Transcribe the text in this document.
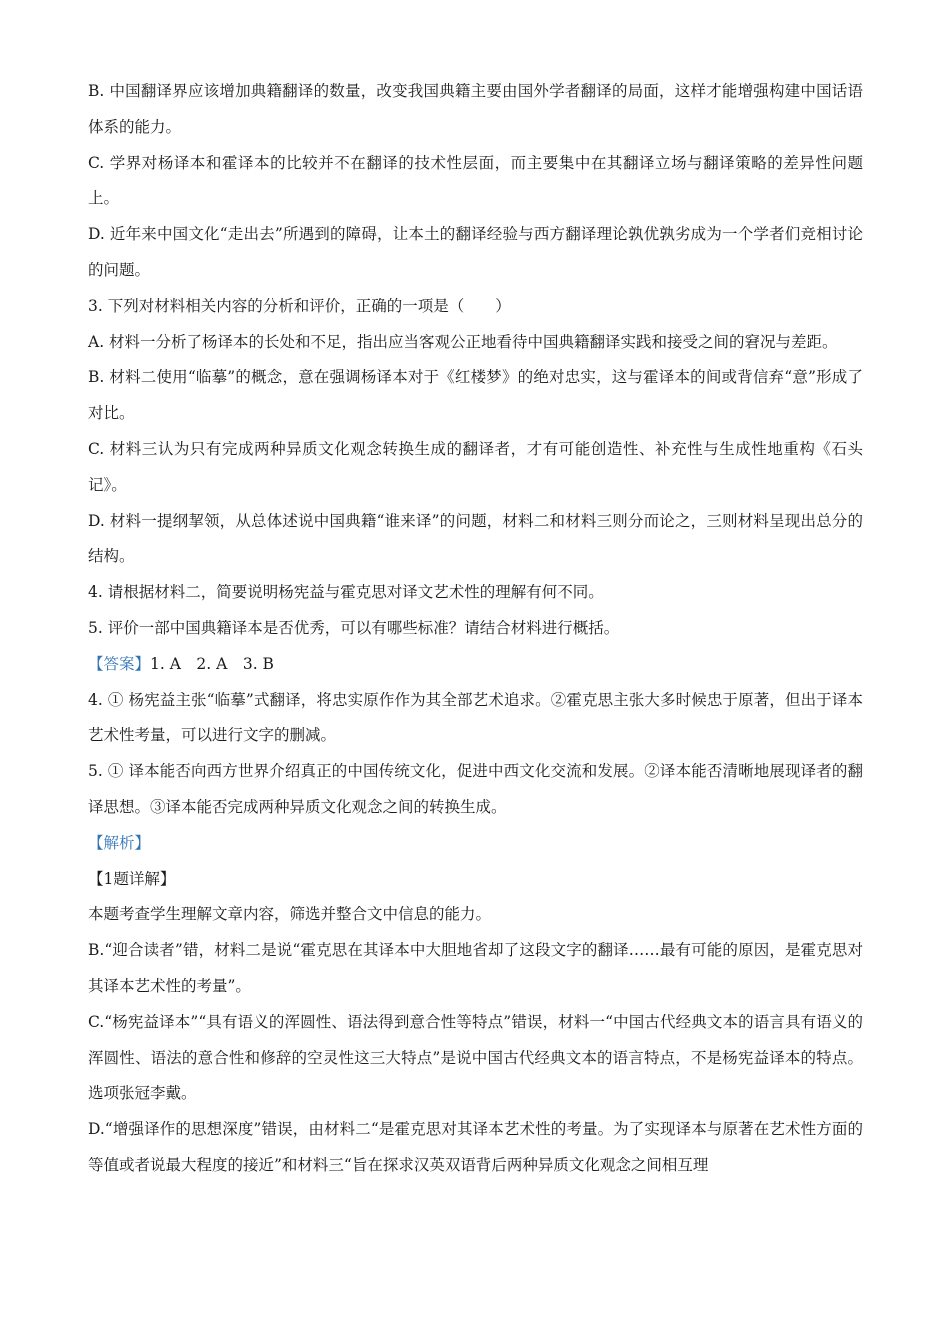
B. 中国翻译界应该增加典籍翻译的数量，改变我国典籍主要由国外学者翻译的局面，这样才能增强构建中国话语体系的能力。

C. 学界对杨译本和霍译本的比较并不在翻译的技术性层面，而主要集中在其翻译立场与翻译策略的差异性问题上。

D. 近年来中国文化“走出去”所遇到的障碍，让本土的翻译经验与西方翻译理论孰优孰劣成为一个学者们竞相讨论的问题。

3. 下列对材料相关内容的分析和评价，正确的一项是（　　）

A. 材料一分析了杨译本的长处和不足，指出应当客观公正地看待中国典籍翻译实践和接受之间的窘况与差距。

B. 材料二使用“临摹”的概念，意在强调杨译本对于《红楼梦》的绝对忠实，这与霍译本的间或背信弃“意”形成了对比。

C. 材料三认为只有完成两种异质文化观念转换生成的翻译者，才有可能创造性、补充性与生成性地重构《石头记》。

D. 材料一提纲挈领，从总体述说中国典籍“谁来译”的问题，材料二和材料三则分而论之，三则材料呈现出总分的结构。

4. 请根据材料二，简要说明杨宪益与霍克思对译文艺术性的理解有何不同。

5. 评价一部中国典籍译本是否优秀，可以有哪些标准？请结合材料进行概括。

【答案】1. A　2. A　3. B

4. ① 杨宪益主张“临摹”式翻译，将忠实原作作为其全部艺术追求。②霍克思主张大多时候忠于原著，但出于译本艺术性考量，可以进行文字的删减。

5. ① 译本能否向西方世界介绍真正的中国传统文化，促进中西文化交流和发展。②译本能否清晰地展现译者的翻译思想。③译本能否完成两种异质文化观念之间的转换生成。

【解析】

【1题详解】

本题考查学生理解文章内容，筛选并整合文中信息的能力。

B.“迎合读者”错，材料二是说“霍克思在其译本中大胆地省却了这段文字的翻译……最有可能的原因，是霍克思对其译本艺术性的考量”。

C.“杨宪益译本”“具有语义的浑圆性、语法得到意合性等特点”错误，材料一“中国古代经典文本的语言具有语义的浑圆性、语法的意合性和修辞的空灵性这三大特点”是说中国古代经典文本的语言特点，不是杨宪益译本的特点。选项张冠李戴。

D.“增强译作的思想深度”错误，由材料二“是霍克思对其译本艺术性的考量。为了实现译本与原著在艺术性方面的等值或者说最大程度的接近”和材料三“旨在探求汉英双语背后两种异质文化观念之间相互理
